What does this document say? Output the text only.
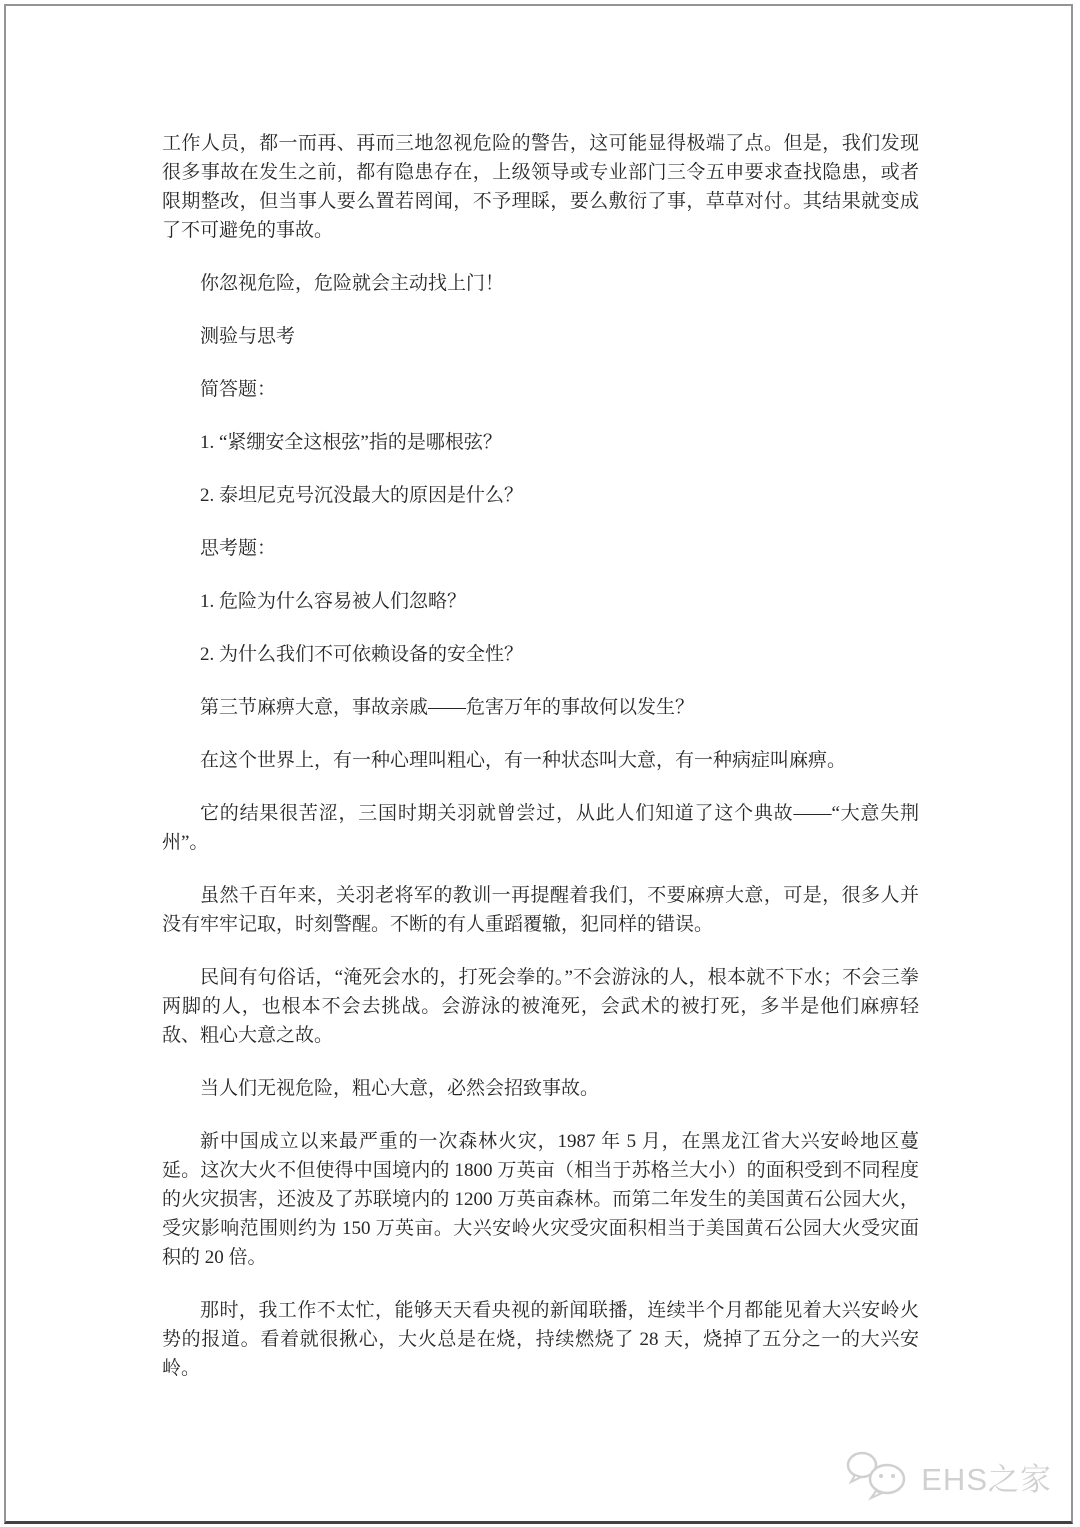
工作人员，都一而再、再而三地忽视危险的警告，这可能显得极端了点。但是，我们发现很多事故在发生之前，都有隐患存在，上级领导或专业部门三令五申要求查找隐患，或者限期整改，但当事人要么置若罔闻，不予理睬，要么敷衍了事，草草对付。其结果就变成了不可避免的事故。

你忽视危险，危险就会主动找上门！

测验与思考

简答题：

1. “紧绷安全这根弦”指的是哪根弦？

2. 泰坦尼克号沉没最大的原因是什么？

思考题：

1. 危险为什么容易被人们忽略？

2. 为什么我们不可依赖设备的安全性？

第三节麻痹大意，事故亲戚——危害万年的事故何以发生？

在这个世界上，有一种心理叫粗心，有一种状态叫大意，有一种病症叫麻痹。

它的结果很苦涩，三国时期关羽就曾尝过，从此人们知道了这个典故——“大意失荆州”。

虽然千百年来，关羽老将军的教训一再提醒着我们，不要麻痹大意，可是，很多人并没有牢牢记取，时刻警醒。不断的有人重蹈覆辙，犯同样的错误。

民间有句俗话，“淹死会水的，打死会拳的。”不会游泳的人，根本就不下水；不会三拳两脚的人，也根本不会去挑战。会游泳的被淹死，会武术的被打死，多半是他们麻痹轻敌、粗心大意之故。

当人们无视危险，粗心大意，必然会招致事故。

新中国成立以来最严重的一次森林火灾，1987 年 5 月，在黑龙江省大兴安岭地区蔓延。这次大火不但使得中国境内的 1800 万英亩（相当于苏格兰大小）的面积受到不同程度的火灾损害，还波及了苏联境内的 1200 万英亩森林。而第二年发生的美国黄石公园大火，受灾影响范围则约为 150 万英亩。大兴安岭火灾受灾面积相当于美国黄石公园大火受灾面积的 20 倍。

那时，我工作不太忙，能够天天看央视的新闻联播，连续半个月都能见着大兴安岭火势的报道。看着就很揪心，大火总是在烧，持续燃烧了 28 天，烧掉了五分之一的大兴安岭。

EHS之家
